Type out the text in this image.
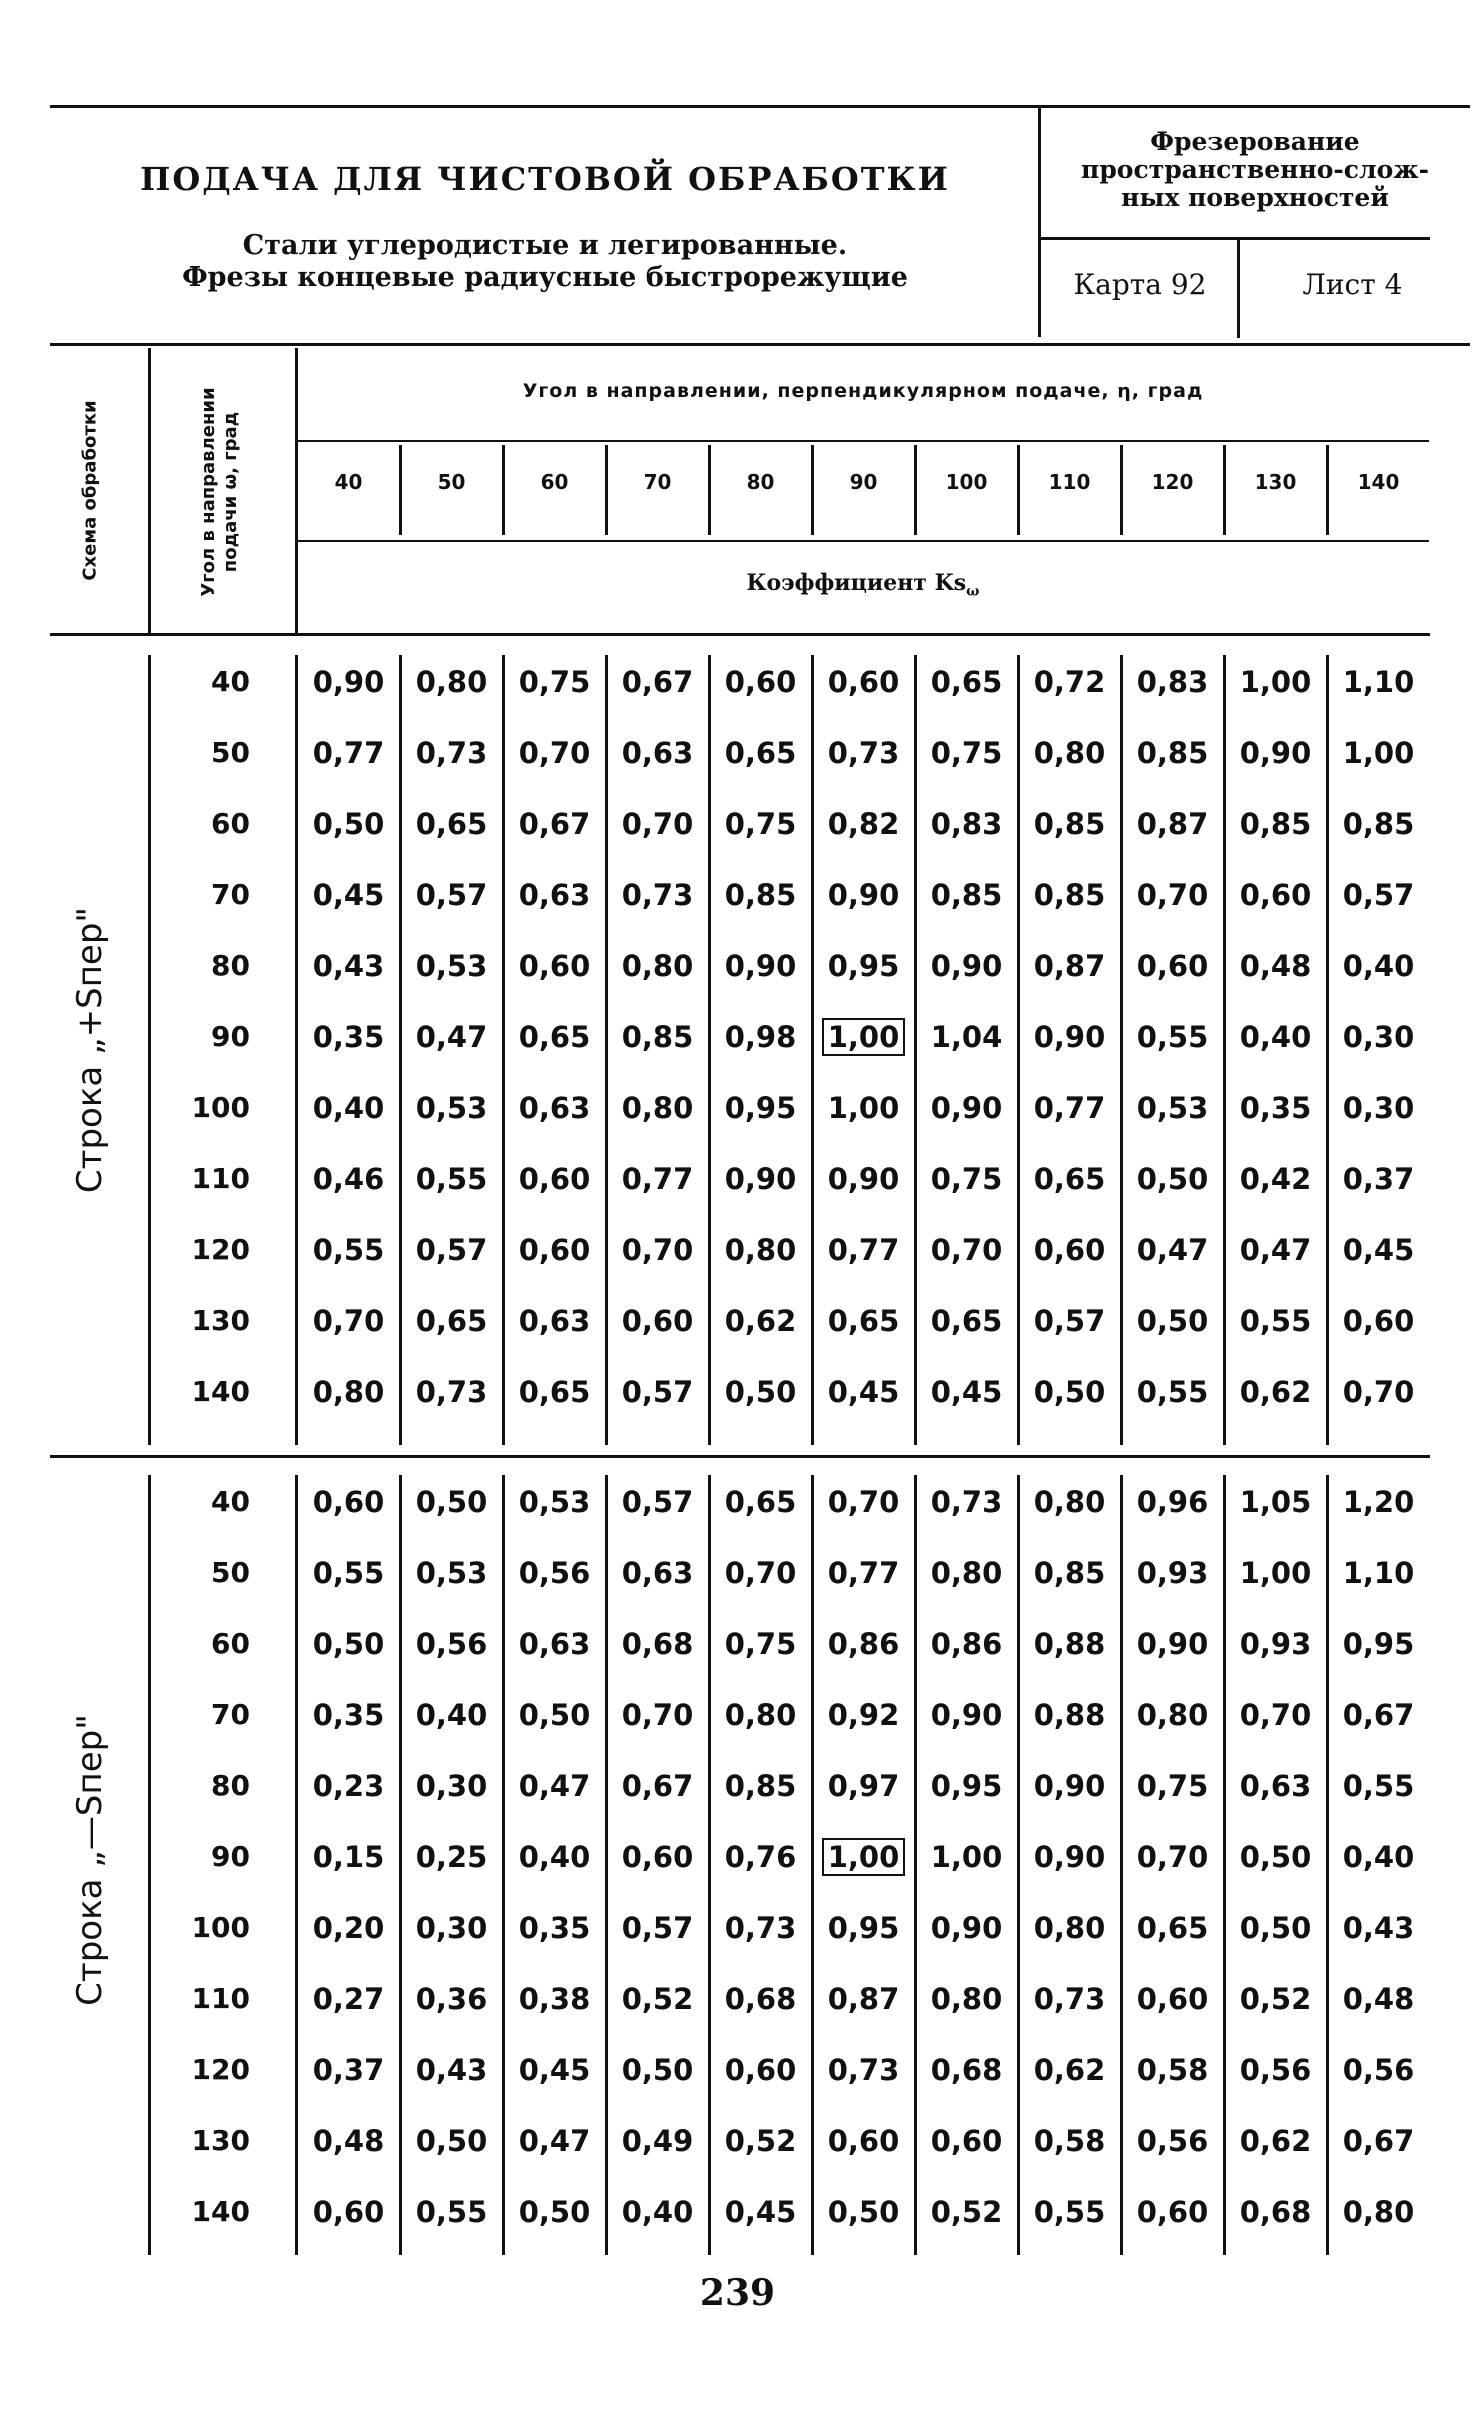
ПОДАЧА ДЛЯ ЧИСТОВОЙ ОБРАБОТКИ
Стали углеродистые и легированные.
Фрезы концевые радиусные быстрорежущие
Фрезерование
пространственно-слож-
ных поверхностей
Карта 92	Лист 4
Схема обработки	Угол в направлении подачи ω, град
Угол в направлении, перпендикулярном подаче, η, град
Коэффициент $Ks_\omega$
Строка „+Sпер"
Строка „—Sпер"
239
40	50	60	70	80	90	100	110	120	130	140
40	0,90	0,80	0,75	0,67	0,60	0,60	0,65	0,72	0,83	1,00	1,10
50	0,77	0,73	0,70	0,63	0,65	0,73	0,75	0,80	0,85	0,90	1,00
60	0,50	0,65	0,67	0,70	0,75	0,82	0,83	0,85	0,87	0,85	0,85
70	0,45	0,57	0,63	0,73	0,85	0,90	0,85	0,85	0,70	0,60	0,57
80	0,43	0,53	0,60	0,80	0,90	0,95	0,90	0,87	0,60	0,48	0,40
90	0,35	0,47	0,65	0,85	0,98	1,00	1,04	0,90	0,55	0,40	0,30
100	0,40	0,53	0,63	0,80	0,95	1,00	0,90	0,77	0,53	0,35	0,30
110	0,46	0,55	0,60	0,77	0,90	0,90	0,75	0,65	0,50	0,42	0,37
120	0,55	0,57	0,60	0,70	0,80	0,77	0,70	0,60	0,47	0,47	0,45
130	0,70	0,65	0,63	0,60	0,62	0,65	0,65	0,57	0,50	0,55	0,60
140	0,80	0,73	0,65	0,57	0,50	0,45	0,45	0,50	0,55	0,62	0,70
40	0,60	0,50	0,53	0,57	0,65	0,70	0,73	0,80	0,96	1,05	1,20
50	0,55	0,53	0,56	0,63	0,70	0,77	0,80	0,85	0,93	1,00	1,10
60	0,50	0,56	0,63	0,68	0,75	0,86	0,86	0,88	0,90	0,93	0,95
70	0,35	0,40	0,50	0,70	0,80	0,92	0,90	0,88	0,80	0,70	0,67
80	0,23	0,30	0,47	0,67	0,85	0,97	0,95	0,90	0,75	0,63	0,55
90	0,15	0,25	0,40	0,60	0,76	1,00	1,00	0,90	0,70	0,50	0,40
100	0,20	0,30	0,35	0,57	0,73	0,95	0,90	0,80	0,65	0,50	0,43
110	0,27	0,36	0,38	0,52	0,68	0,87	0,80	0,73	0,60	0,52	0,48
120	0,37	0,43	0,45	0,50	0,60	0,73	0,68	0,62	0,58	0,56	0,56
130	0,48	0,50	0,47	0,49	0,52	0,60	0,60	0,58	0,56	0,62	0,67
140	0,60	0,55	0,50	0,40	0,45	0,50	0,52	0,55	0,60	0,68	0,80
